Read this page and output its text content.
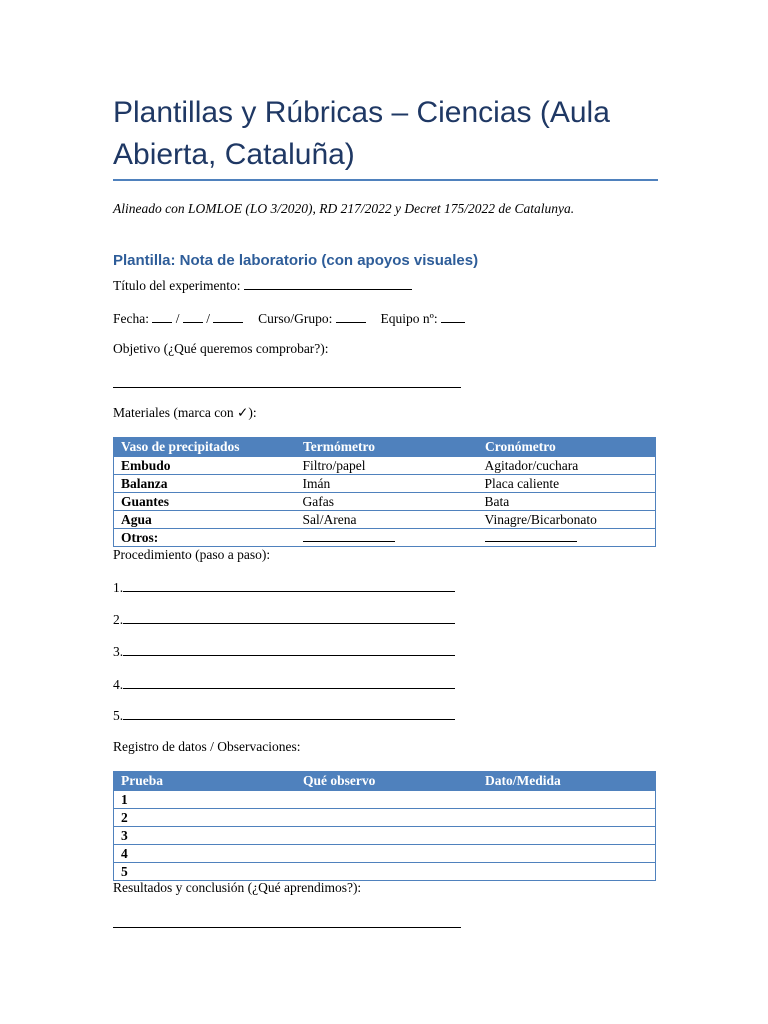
Plantillas y Rúbricas – Ciencias (Aula Abierta, Cataluña)
Alineado con LOMLOE (LO 3/2020), RD 217/2022 y Decret 175/2022 de Catalunya.
Plantilla: Nota de laboratorio (con apoyos visuales)
Título del experimento:
Fecha:  /  /	Curso/Grupo:	Equipo nº:
Objetivo (¿Qué queremos comprobar?):
Materiales (marca con ✓):
Vaso de precipitados	Termómetro	Cronómetro
Embudo	Filtro/papel	Agitador/cuchara
Balanza	Imán	Placa caliente
Guantes	Gafas	Bata
Agua	Sal/Arena	Vinagre/Bicarbonato
Otros:		
Procedimiento (paso a paso):
1.
2.
3.
4.
5.
Registro de datos / Observaciones:
Prueba	Qué observo	Dato/Medida
1		
2		
3		
4		
5		
Resultados y conclusión (¿Qué aprendimos?):
